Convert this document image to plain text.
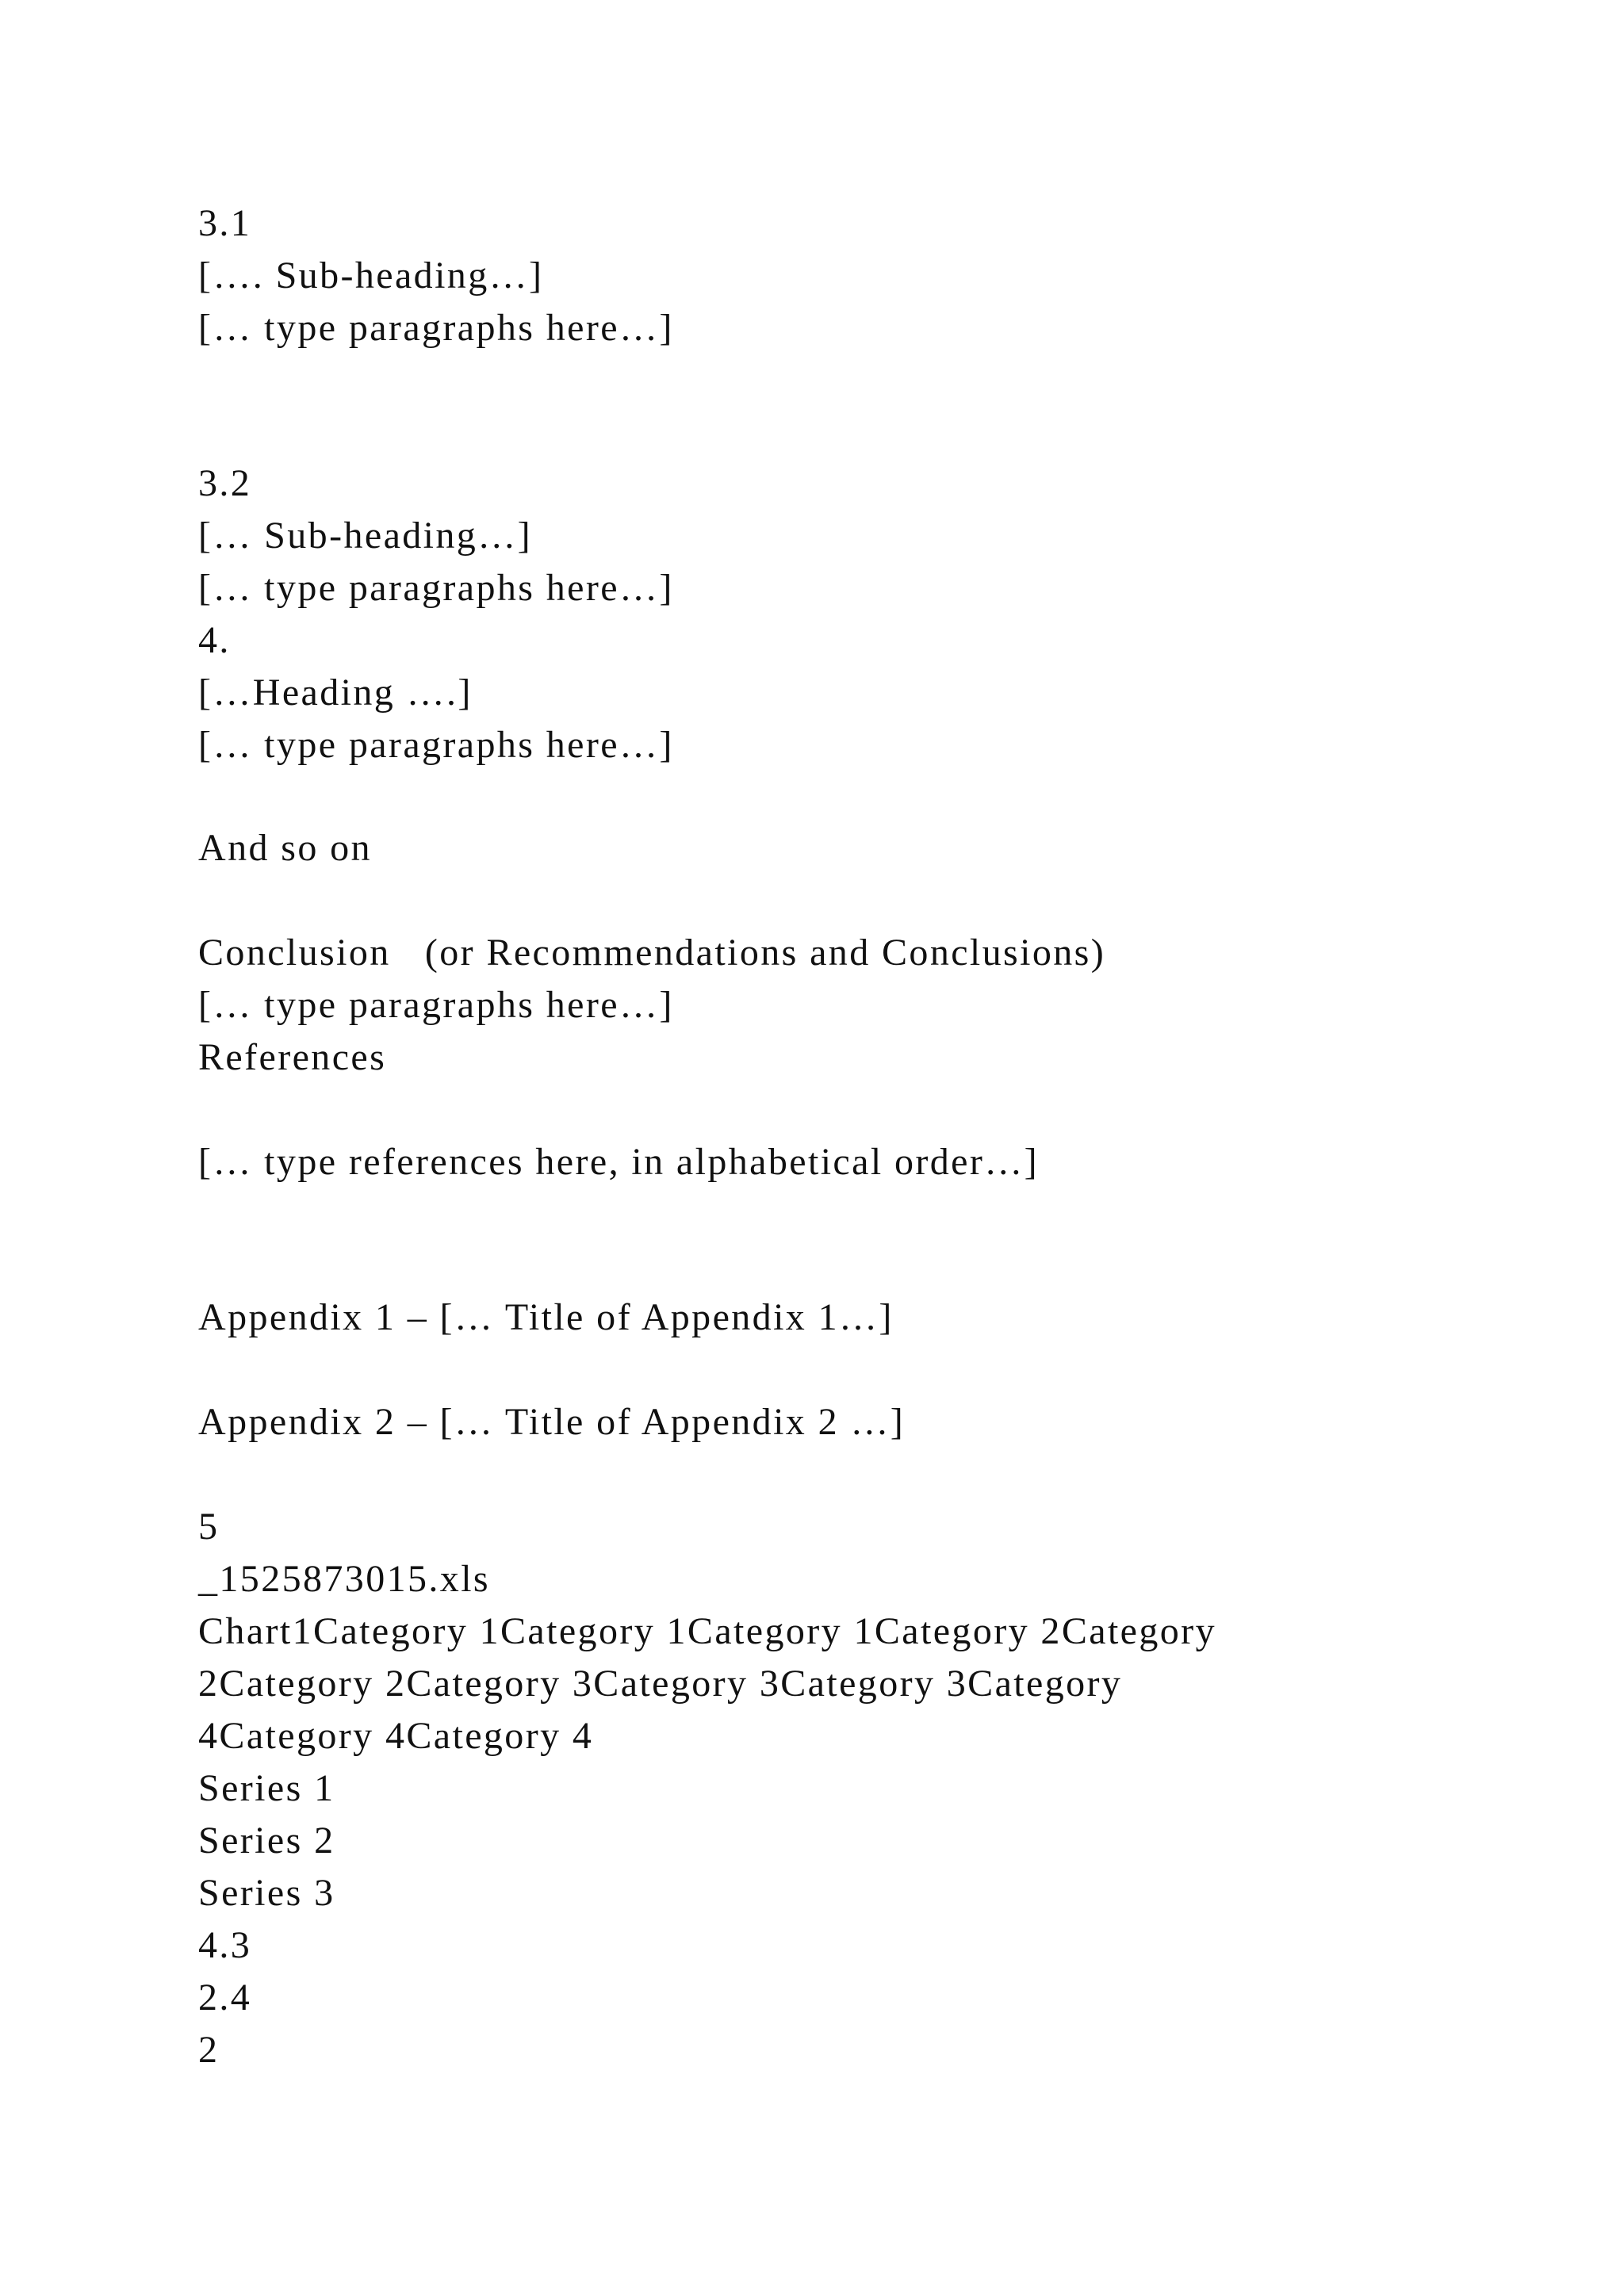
3.1
[…. Sub-heading…]
[… type paragraphs here…]
3.2
[… Sub-heading…]
[… type paragraphs here…]
4.
[…Heading ….]
[… type paragraphs here…]
And so on
Conclusion   (or Recommendations and Conclusions)
[… type paragraphs here…]
References
[… type references here, in alphabetical order…]
Appendix 1 – [… Title of Appendix 1…]
Appendix 2 – [… Title of Appendix 2 …]
5
_1525873015.xls
Chart1Category 1Category 1Category 1Category 2Category
2Category 2Category 3Category 3Category 3Category
4Category 4Category 4
Series 1
Series 2
Series 3
4.3
2.4
2
